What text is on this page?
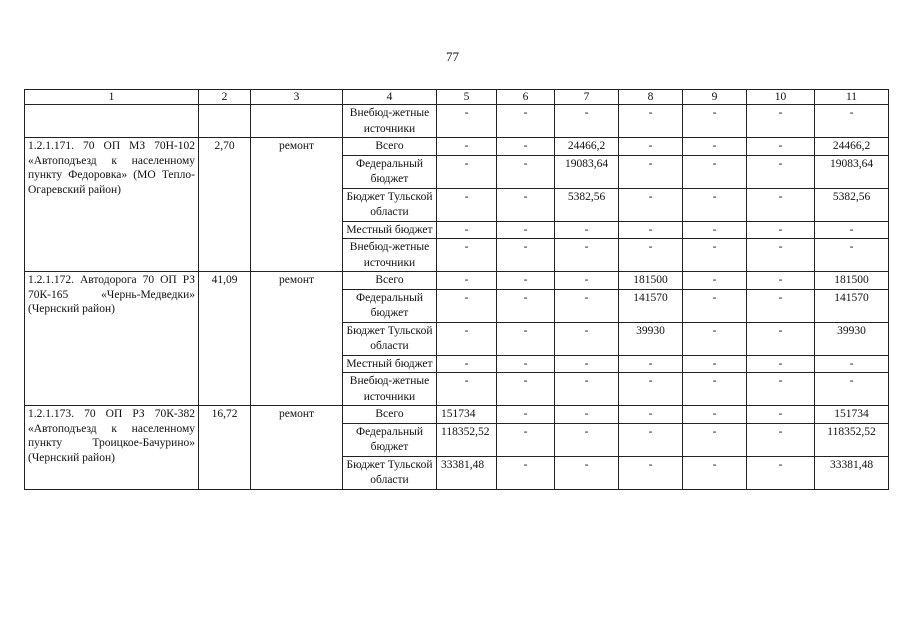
77
1	2	3	4	5	6	7	8	9	10	11
			Внебюд-жетные источники	-	-	-	-	-	-	-
1.2.1.171. 70 ОП МЗ 70Н-102 «Автоподъезд к населенному пункту Федоровка» (МО Тепло-Огаревский район)	2,70	ремонт	Всего	-	-	24466,2	-	-	-	24466,2
			Федеральный бюджет	-	-	19083,64	-	-	-	19083,64
			Бюджет Тульской области	-	-	5382,56	-	-	-	5382,56
			Местный бюджет	-	-	-	-	-	-	-
			Внебюд-жетные источники	-	-	-	-	-	-	-
1.2.1.172. Автодорога 70 ОП РЗ 70К-165 «Чернь-Медведки» (Чернский район)	41,09	ремонт	Всего	-	-	-	181500	-	-	181500
			Федеральный бюджет	-	-	-	141570	-	-	141570
			Бюджет Тульской области	-	-	-	39930	-	-	39930
			Местный бюджет	-	-	-	-	-	-	-
			Внебюд-жетные источники	-	-	-	-	-	-	-
1.2.1.173. 70 ОП РЗ 70К-382 «Автоподъезд к населенному пункту Троицкое-Бачурино» (Чернский район)	16,72	ремонт	Всего	151734	-	-	-	-	-	151734
			Федеральный бюджет	118352,52	-	-	-	-	-	118352,52
			Бюджет Тульской области	33381,48	-	-	-	-	-	33381,48
